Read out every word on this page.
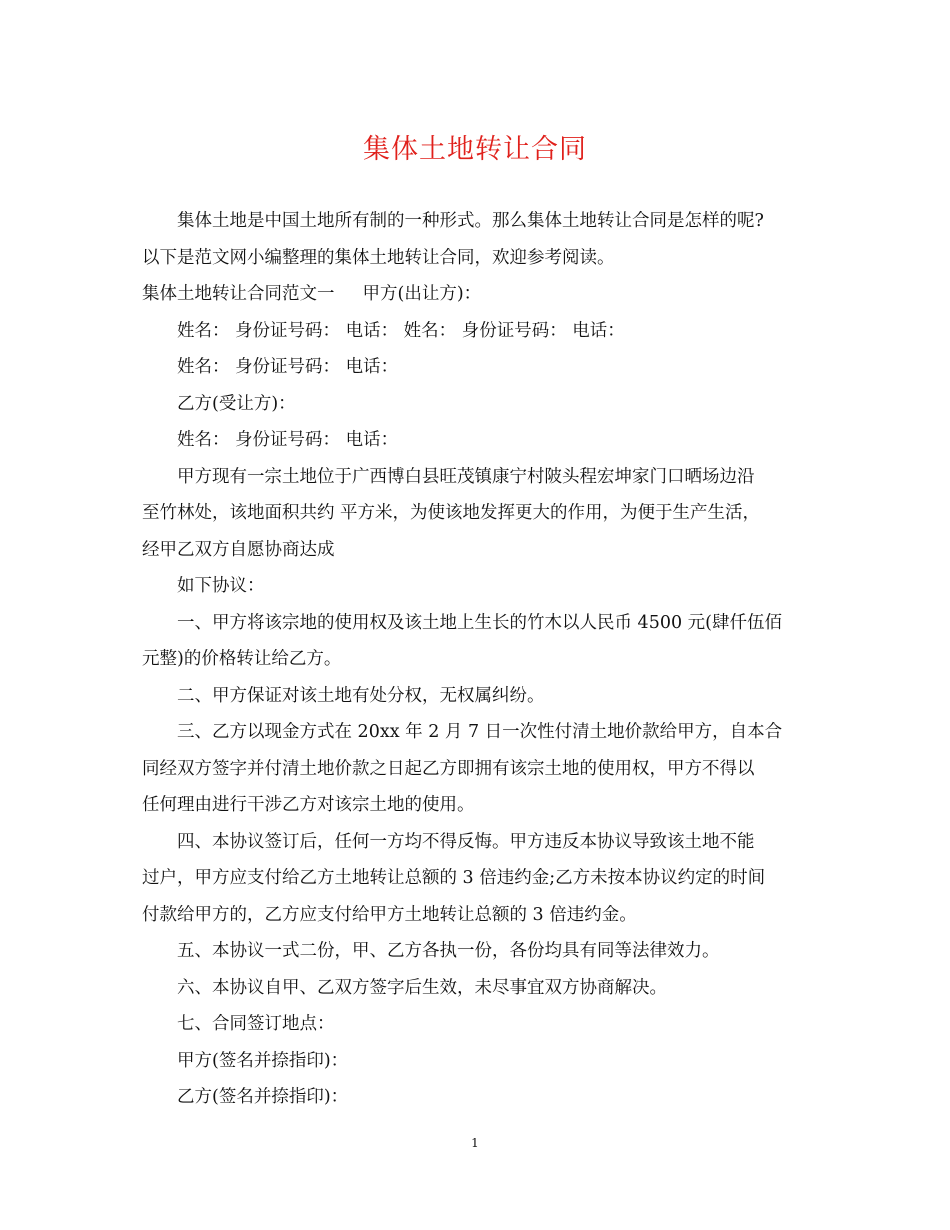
集体土地转让合同

集体土地是中国土地所有制的一种形式。那么集体土地转让合同是怎样的呢?

以下是范文网小编整理的集体土地转让合同，欢迎参考阅读。

集体土地转让合同范文一 甲方(出让方)：

姓名： 身份证号码： 电话： 姓名： 身份证号码： 电话：

姓名： 身份证号码： 电话：

乙方(受让方)：

姓名： 身份证号码： 电话：

甲方现有一宗土地位于广西博白县旺茂镇康宁村陂头程宏坤家门口晒场边沿

至竹林处，该地面积共约 平方米，为使该地发挥更大的作用，为便于生产生活，

经甲乙双方自愿协商达成

如下协议：

一、甲方将该宗地的使用权及该土地上生长的竹木以人民币 4500 元(肆仟伍佰

元整)的价格转让给乙方。

二、甲方保证对该土地有处分权，无权属纠纷。

三、乙方以现金方式在 20xx 年 2 月 7 日一次性付清土地价款给甲方，自本合

同经双方签字并付清土地价款之日起乙方即拥有该宗土地的使用权，甲方不得以

任何理由进行干涉乙方对该宗土地的使用。

四、本协议签订后，任何一方均不得反悔。甲方违反本协议导致该土地不能

过户，甲方应支付给乙方土地转让总额的 3 倍违约金;乙方未按本协议约定的时间

付款给甲方的，乙方应支付给甲方土地转让总额的 3 倍违约金。

五、本协议一式二份，甲、乙方各执一份，各份均具有同等法律效力。

六、本协议自甲、乙双方签字后生效，未尽事宜双方协商解决。

七、合同签订地点：

甲方(签名并捺指印)：

乙方(签名并捺指印)：

1
